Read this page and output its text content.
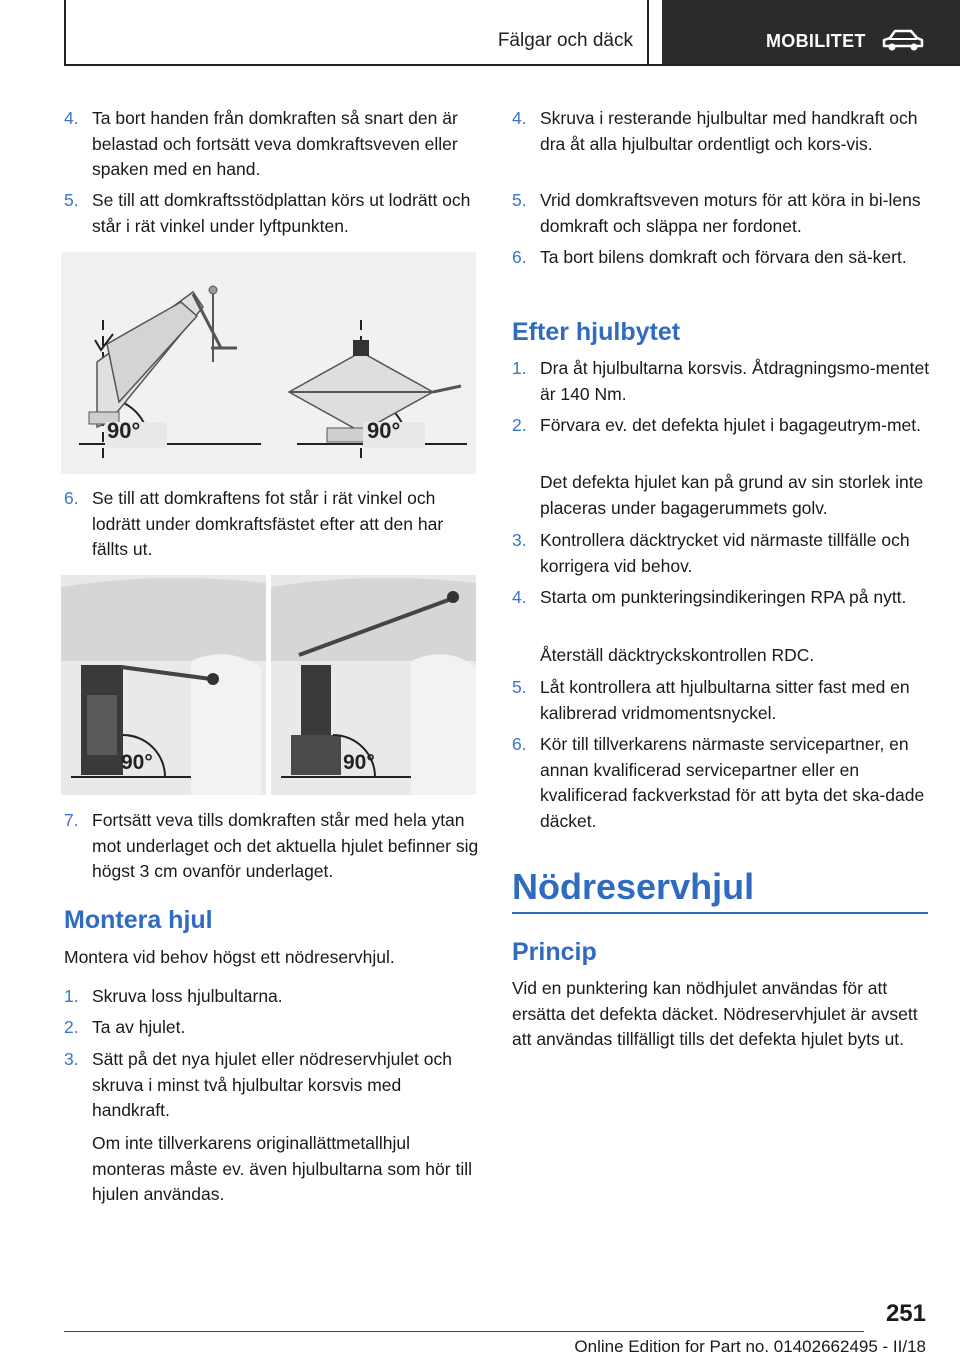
Fälgar och däck	MOBILITET
4. Ta bort handen från domkraften så snart den är belastad och fortsätt veva domkraftsveven eller spaken med en hand.
5. Se till att domkraftsstödplattan körs ut lodrätt och står i rät vinkel under lyftpunkten.
90°	90°
6. Se till att domkraftens fot står i rät vinkel och lodrätt under domkraftsfästet efter att den har fällts ut.
90°	90°
7. Fortsätt veva tills domkraften står med hela ytan mot underlaget och det aktuella hjulet befinner sig högst 3 cm ovanför underlaget.
Montera hjul
Montera vid behov högst ett nödreservhjul.
1. Skruva loss hjulbultarna.
2. Ta av hjulet.
3. Sätt på det nya hjulet eller nödreservhjulet och skruva i minst två hjulbultar korsvis med handkraft.
Om inte tillverkarens originallättmetallhjul monteras måste ev. även hjulbultarna som hör till hjulen användas.
4. Skruva i resterande hjulbultar med handkraft och dra åt alla hjulbultar ordentligt och kors-vis.
5. Vrid domkraftsveven moturs för att köra in bi-lens domkraft och släppa ner fordonet.
6. Ta bort bilens domkraft och förvara den sä-kert.
Efter hjulbytet
1. Dra åt hjulbultarna korsvis. Åtdragningsmo-mentet är 140 Nm.
2. Förvara ev. det defekta hjulet i bagageutrym-met.
Det defekta hjulet kan på grund av sin storlek inte placeras under bagagerummets golv.
3. Kontrollera däcktrycket vid närmaste tillfälle och korrigera vid behov.
4. Starta om punkteringsindikeringen RPA på nytt.
Återställ däcktryckskontrollen RDC.
5. Låt kontrollera att hjulbultarna sitter fast med en kalibrerad vridmomentsnyckel.
6. Kör till tillverkarens närmaste servicepartner, en annan kvalificerad servicepartner eller en kvalificerad fackverkstad för att byta det ska-dade däcket.
Nödreservhjul
Princip
Vid en punktering kan nödhjulet användas för att ersätta det defekta däcket. Nödreservhjulet är avsett att användas tillfälligt tills det defekta hjulet byts ut.
251
Online Edition for Part no. 01402662495 - II/18
